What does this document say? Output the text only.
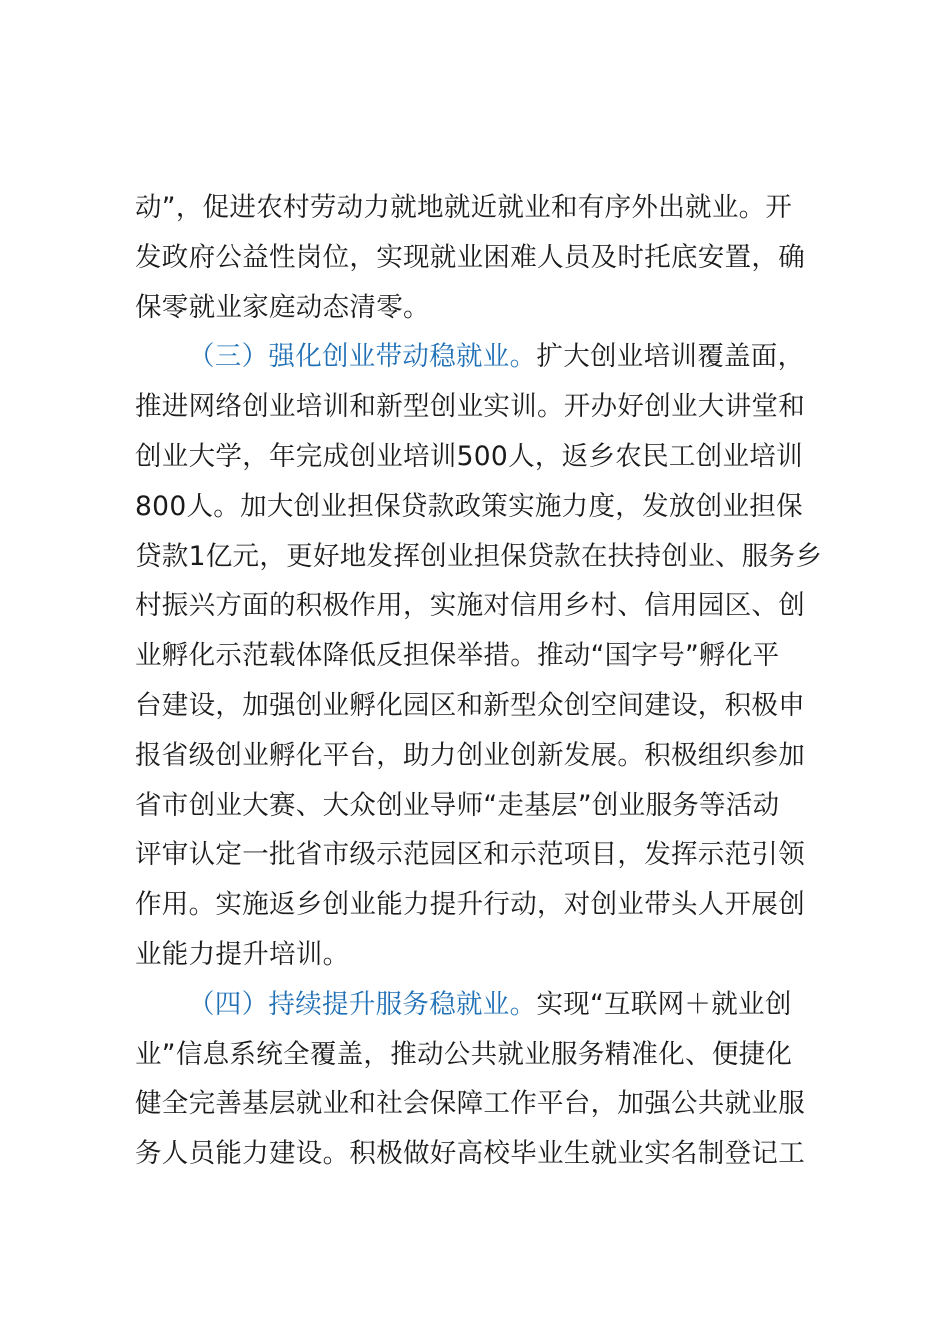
动”，促进农村劳动力就地就近就业和有序外出就业。开
发政府公益性岗位，实现就业困难人员及时托底安置，确
保零就业家庭动态清零。
（三）强化创业带动稳就业。扩大创业培训覆盖面，
推进网络创业培训和新型创业实训。开办好创业大讲堂和
创业大学，年完成创业培训500人，返乡农民工创业培训
800人。加大创业担保贷款政策实施力度，发放创业担保
贷款1亿元，更好地发挥创业担保贷款在扶持创业、服务乡
村振兴方面的积极作用，实施对信用乡村、信用园区、创
业孵化示范载体降低反担保举措。推动“国字号”孵化平
台建设，加强创业孵化园区和新型众创空间建设，积极申
报省级创业孵化平台，助力创业创新发展。积极组织参加
省市创业大赛、大众创业导师“走基层”创业服务等活动
评审认定一批省市级示范园区和示范项目，发挥示范引领
作用。实施返乡创业能力提升行动，对创业带头人开展创
业能力提升培训。
（四）持续提升服务稳就业。实现“互联网＋就业创
业”信息系统全覆盖，推动公共就业服务精准化、便捷化
健全完善基层就业和社会保障工作平台，加强公共就业服
务人员能力建设。积极做好高校毕业生就业实名制登记工
